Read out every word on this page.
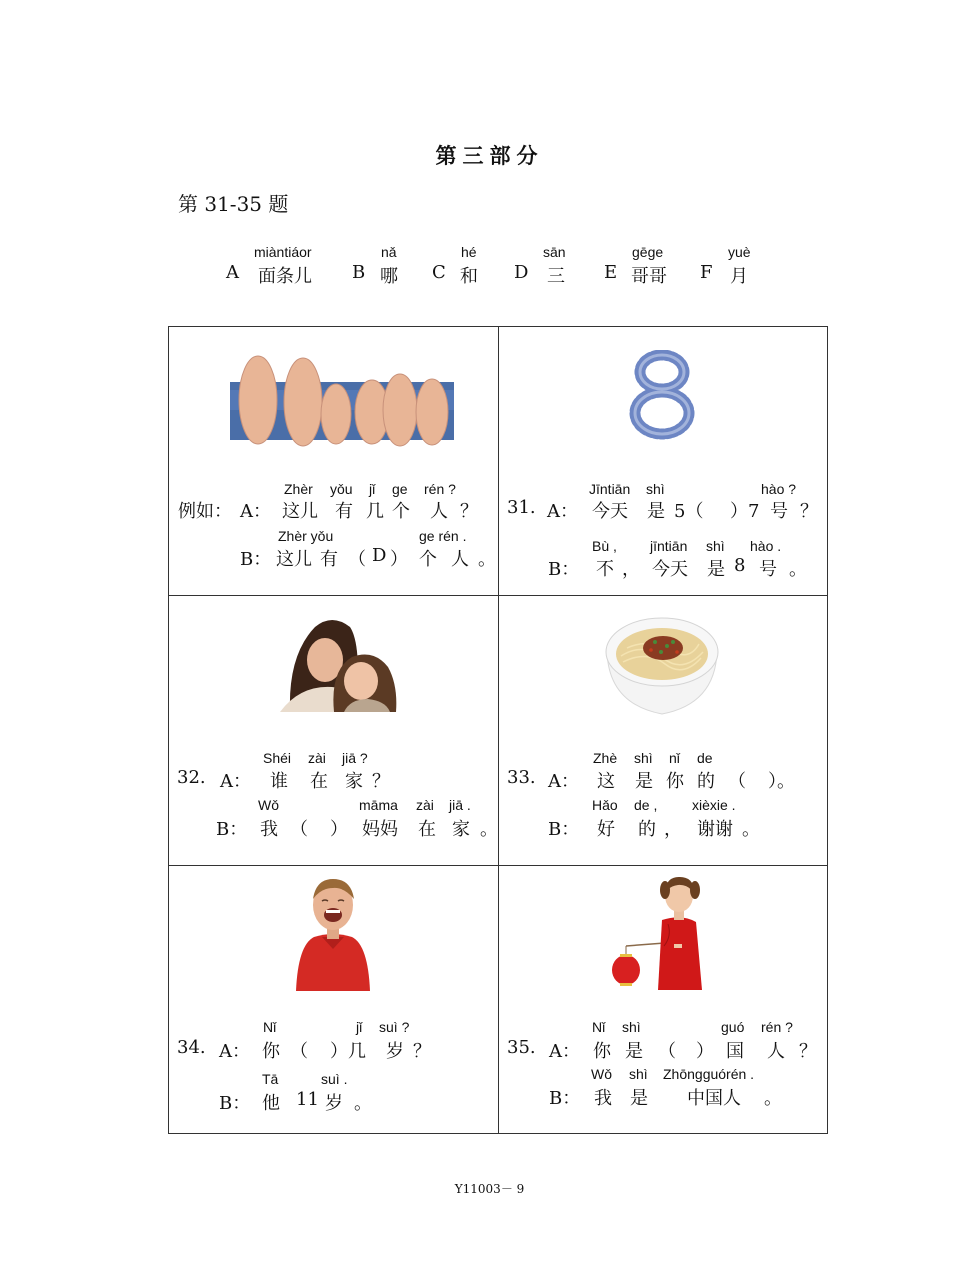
第三部分
第 31-35 题
miàntiáor
A 面条儿
nǎ
B 哪
hé
C 和
sān
D 三
gēge
E 哥哥
yuè
F 月
Zhèr yǒu jǐ ge rén ?
例如： A： 这儿 有 几 个 人 ？
Zhèr yǒu	ge rén .
B： 这儿 有 （ D ） 个 人 。
Jīntiān shì	hào ?
31. A： 今天 是 5（ ）7 号 ？
Bù , jīntiān shì hào .
B： 不 ， 今天 是 8 号 。
Shéi zài jiā ?
32. A： 谁 在 家 ？
Wǒ	māma zài jiā .
B： 我 （ ） 妈妈 在 家 。
Zhè shì nǐ de
33. A： 这 是 你 的 （ ）。
Hǎo de , xièxie .
B： 好 的 ， 谢谢 。
Nǐ	jǐ suì ?
34. A： 你 （ ）几 岁 ？
Tā	suì .
B： 他 11 岁 。
Nǐ shì	guó rén ?
35. A： 你 是 （ ） 国 人 ？
Wǒ shì Zhōngguórén .
B： 我 是 中国人 。
Y11003－ 9
